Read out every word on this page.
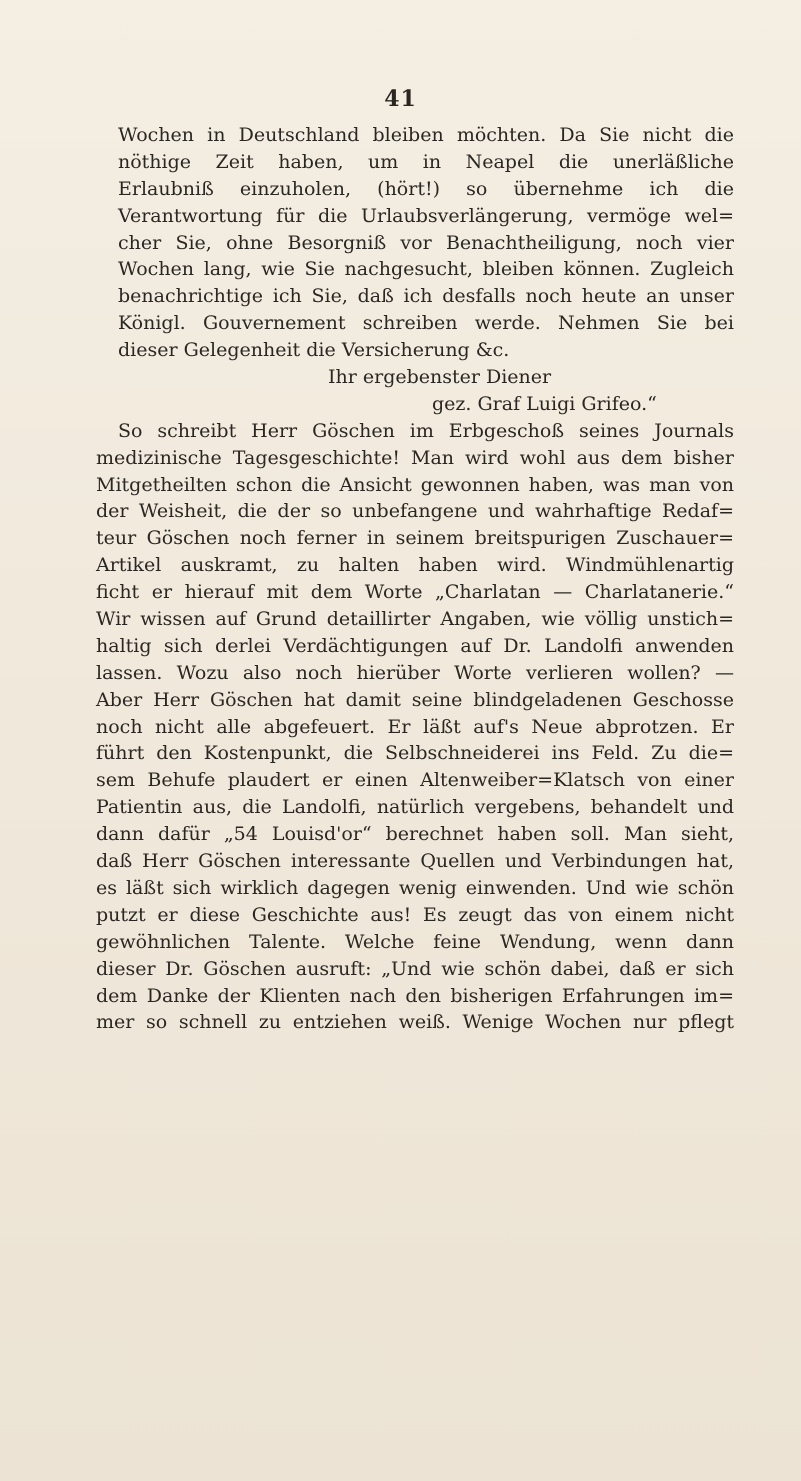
41
Wochen in Deutschland bleiben möchten. Da Sie nicht die
nöthige Zeit haben, um in Neapel die unerläßliche
Erlaubniß einzuholen, (hört!) so übernehme ich die
Verantwortung für die Urlaubsverlängerung, vermöge wel=
cher Sie, ohne Besorgniß vor Benachtheiligung, noch vier
Wochen lang, wie Sie nachgesucht, bleiben können. Zugleich
benachrichtige ich Sie, daß ich desfalls noch heute an unser
Königl. Gouvernement schreiben werde. Nehmen Sie bei
dieser Gelegenheit die Versicherung &c.
Ihr ergebenster Diener
gez. Graf Luigi Grifeo.“
So schreibt Herr Göschen im Erbgeschoß seines Journals
medizinische Tagesgeschichte! Man wird wohl aus dem bisher
Mitgetheilten schon die Ansicht gewonnen haben, was man von
der Weisheit, die der so unbefangene und wahrhaftige Redaf=
teur Göschen noch ferner in seinem breitspurigen Zuschauer=
Artikel auskramt, zu halten haben wird. Windmühlenartig
ficht er hierauf mit dem Worte „Charlatan — Charlatanerie.“
Wir wissen auf Grund detaillirter Angaben, wie völlig unstich=
haltig sich derlei Verdächtigungen auf Dr. Landolfi anwenden
lassen. Wozu also noch hierüber Worte verlieren wollen? —
Aber Herr Göschen hat damit seine blindgeladenen Geschosse
noch nicht alle abgefeuert. Er läßt auf's Neue abprotzen. Er
führt den Kostenpunkt, die Selbschneiderei ins Feld. Zu die=
sem Behufe plaudert er einen Altenweiber=Klatsch von einer
Patientin aus, die Landolfi, natürlich vergebens, behandelt und
dann dafür „54 Louisd'or“ berechnet haben soll. Man sieht,
daß Herr Göschen interessante Quellen und Verbindungen hat,
es läßt sich wirklich dagegen wenig einwenden. Und wie schön
putzt er diese Geschichte aus! Es zeugt das von einem nicht
gewöhnlichen Talente. Welche feine Wendung, wenn dann
dieser Dr. Göschen ausruft: „Und wie schön dabei, daß er sich
dem Danke der Klienten nach den bisherigen Erfahrungen im=
mer so schnell zu entziehen weiß. Wenige Wochen nur pflegt
